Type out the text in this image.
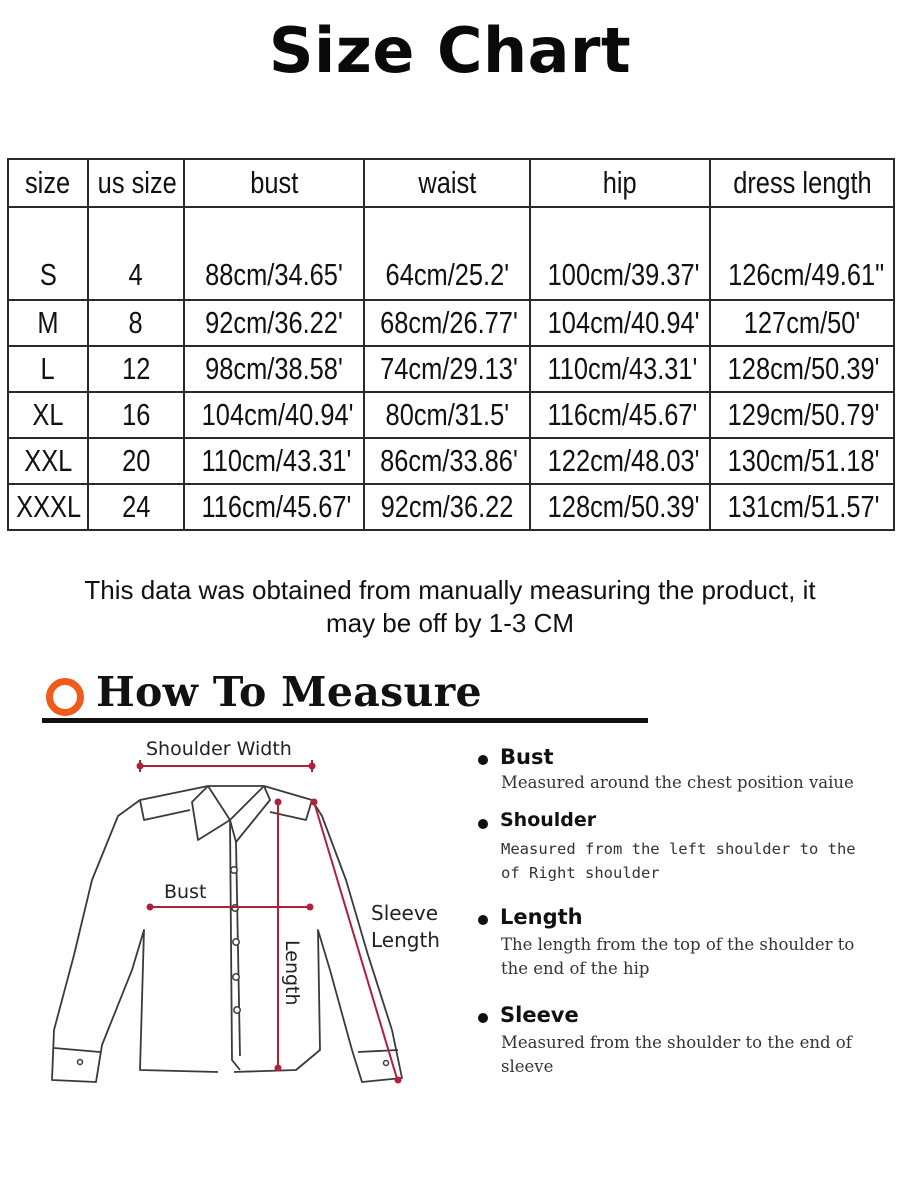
Size Chart
size	us size	bust	waist	hip	dress length
S	4	88cm/34.65'	64cm/25.2'	100cm/39.37'	126cm/49.61"
M	8	92cm/36.22'	68cm/26.77'	104cm/40.94'	127cm/50'
L	12	98cm/38.58'	74cm/29.13'	110cm/43.31'	128cm/50.39'
XL	16	104cm/40.94'	80cm/31.5'	116cm/45.67'	129cm/50.79'
XXL	20	110cm/43.31'	86cm/33.86'	122cm/48.03'	130cm/51.18'
XXXL	24	116cm/45.67'	92cm/36.22	128cm/50.39'	131cm/51.57'
This data was obtained from manually measuring the product, it
may be off by 1-3 CM
How To Measure
Shoulder Width
Bust
Sleeve
Length
Length
Bust
Measured around the chest position vaiue
Shoulder
Measured from the left shoulder to the of Right shoulder
Length
The length from the top of the shoulder to the end of the hip
Sleeve
Measured from the shoulder to the end of sleeve
